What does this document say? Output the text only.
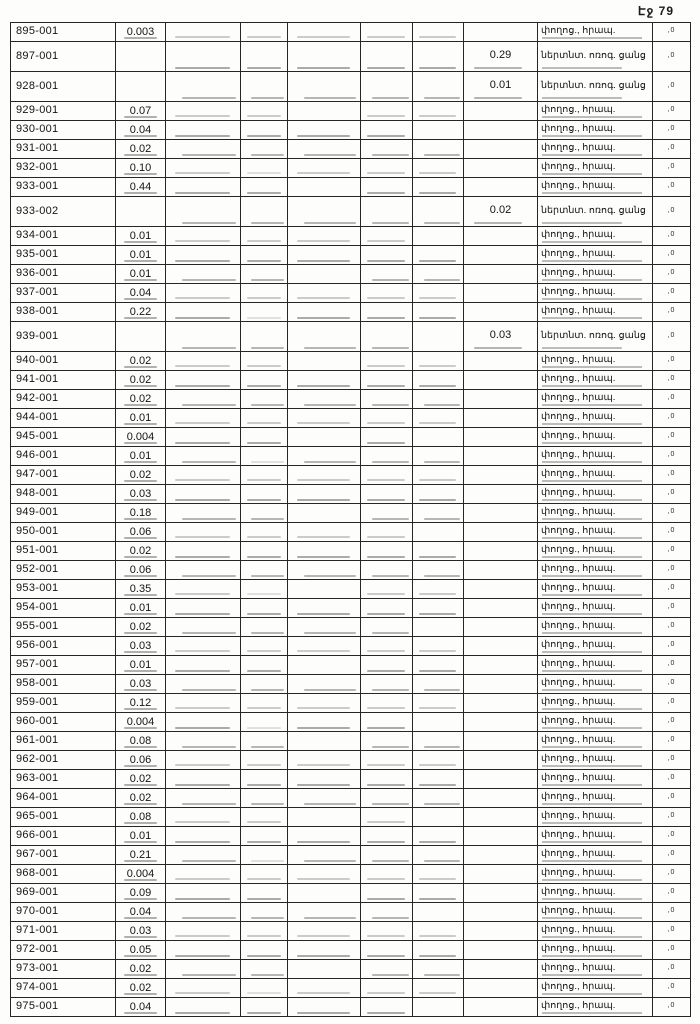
Էջ 79
895-001	0.003							փողոց., հրապ.	,0
897-001							0.29	ներտնտ. ոռոգ. ցանց	,0
928-001							0.01	ներտնտ. ոռոգ. ցանց	,0
929-001	0.07							փողոց., հրապ.	,0
930-001	0.04							փողոց., հրապ.	,0
931-001	0.02							փողոց., հրապ.	,0
932-001	0.10							փողոց., հրապ.	,0
933-001	0.44							փողոց., հրապ.	,0
933-002							0.02	ներտնտ. ոռոգ. ցանց	,0
934-001	0.01							փողոց., հրապ.	,0
935-001	0.01							փողոց., հրապ.	,0
936-001	0.01							փողոց., հրապ.	,0
937-001	0.04							փողոց., հրապ.	,0
938-001	0.22							փողոց., հրապ.	,0
939-001							0.03	ներտնտ. ոռոգ. ցանց	,0
940-001	0.02							փողոց., հրապ.	,0
941-001	0.02							փողոց., հրապ.	,0
942-001	0.02							փողոց., հրապ.	,0
944-001	0.01							փողոց., հրապ.	,0
945-001	0.004							փողոց., հրապ.	,0
946-001	0.01							փողոց., հրապ.	,0
947-001	0.02							փողոց., հրապ.	,0
948-001	0.03							փողոց., հրապ.	,0
949-001	0.18							փողոց., հրապ.	,0
950-001	0.06							փողոց., հրապ.	,0
951-001	0.02							փողոց., հրապ.	,0
952-001	0.06							փողոց., հրապ.	,0
953-001	0.35							փողոց., հրապ.	,0
954-001	0.01							փողոց., հրապ.	,0
955-001	0.02							փողոց., հրապ.	,0
956-001	0.03							փողոց., հրապ.	,0
957-001	0.01							փողոց., հրապ.	,0
958-001	0.03							փողոց., հրապ.	,0
959-001	0.12							փողոց., հրապ.	,0
960-001	0.004							փողոց., հրապ.	,0
961-001	0.08							փողոց., հրապ.	,0
962-001	0.06							փողոց., հրապ.	,0
963-001	0.02							փողոց., հրապ.	,0
964-001	0.02							փողոց., հրապ.	,0
965-001	0.08							փողոց., հրապ.	,0
966-001	0.01							փողոց., հրապ.	,0
967-001	0.21							փողոց., հրապ.	,0
968-001	0.004							փողոց., հրապ.	,0
969-001	0.09							փողոց., հրապ.	,0
970-001	0.04							փողոց., հրապ.	,0
971-001	0.03							փողոց., հրապ.	,0
972-001	0.05							փողոց., հրապ.	,0
973-001	0.02							փողոց., հրապ.	,0
974-001	0.02							փողոց., հրապ.	,0
975-001	0.04							փողոց., հրապ.	,0
